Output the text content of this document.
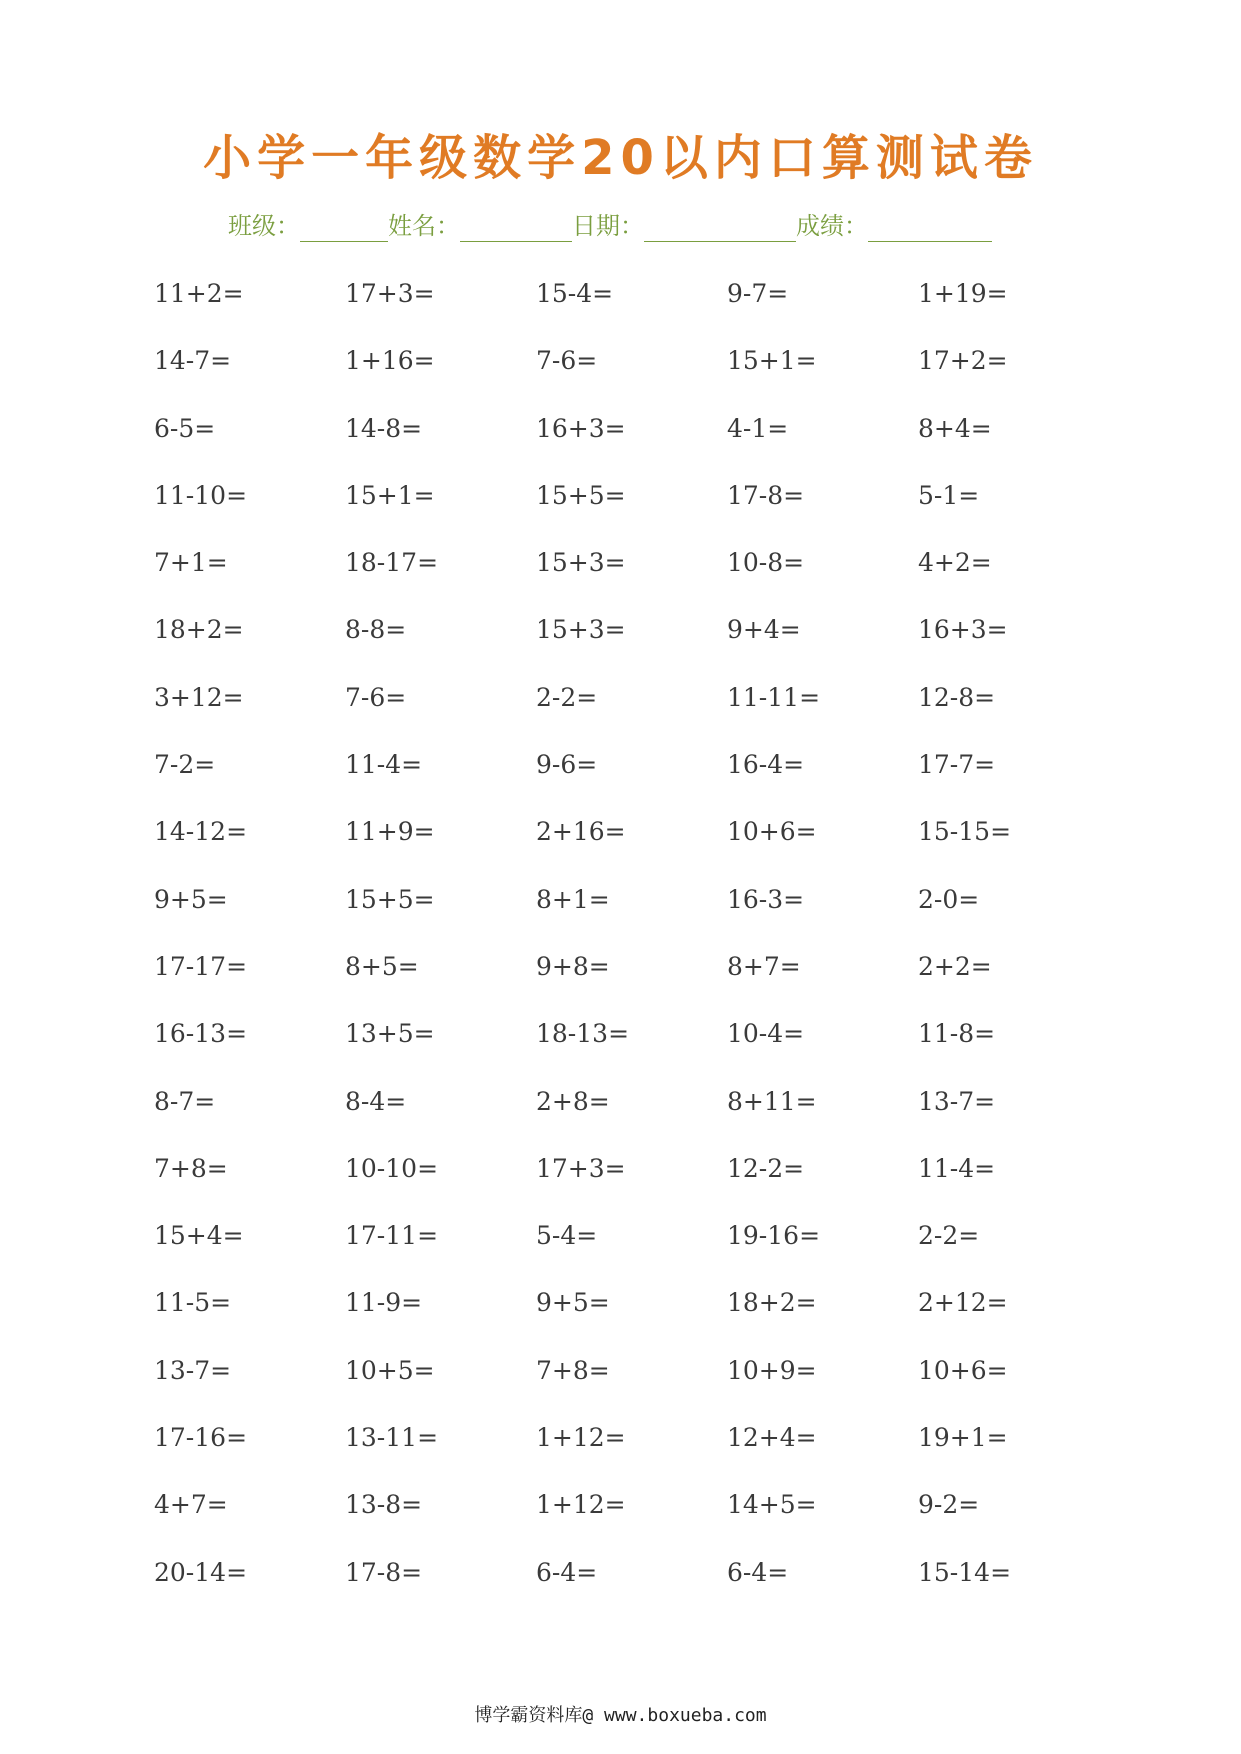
小学一年级数学20以内口算测试卷
班级：	姓名：	日期：	成绩：
11+2=	17+3=	15-4=	9-7=	1+19=
14-7=	1+16=	7-6=	15+1=	17+2=
6-5=	14-8=	16+3=	4-1=	8+4=
11-10=	15+1=	15+5=	17-8=	5-1=
7+1=	18-17=	15+3=	10-8=	4+2=
18+2=	8-8=	15+3=	9+4=	16+3=
3+12=	7-6=	2-2=	11-11=	12-8=
7-2=	11-4=	9-6=	16-4=	17-7=
14-12=	11+9=	2+16=	10+6=	15-15=
9+5=	15+5=	8+1=	16-3=	2-0=
17-17=	8+5=	9+8=	8+7=	2+2=
16-13=	13+5=	18-13=	10-4=	11-8=
8-7=	8-4=	2+8=	8+11=	13-7=
7+8=	10-10=	17+3=	12-2=	11-4=
15+4=	17-11=	5-4=	19-16=	2-2=
11-5=	11-9=	9+5=	18+2=	2+12=
13-7=	10+5=	7+8=	10+9=	10+6=
17-16=	13-11=	1+12=	12+4=	19+1=
4+7=	13-8=	1+12=	14+5=	9-2=
20-14=	17-8=	6-4=	6-4=	15-14=
博学霸资料库@ www.boxueba.com
